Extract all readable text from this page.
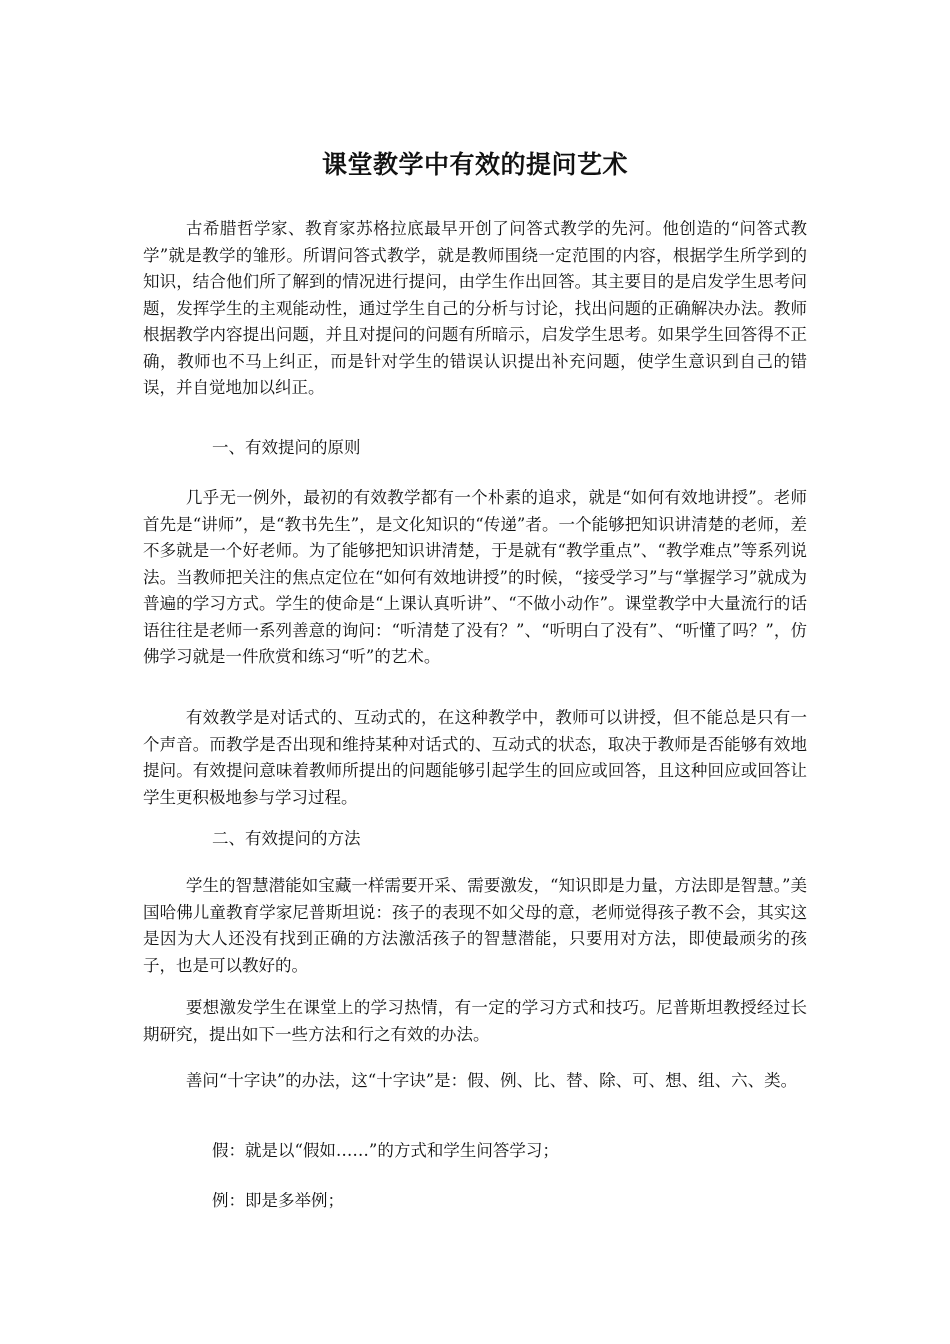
课堂教学中有效的提问艺术

古希腊哲学家、教育家苏格拉底最早开创了问答式教学的先河。他创造的“问答式教学”就是教学的雏形。所谓问答式教学，就是教师围绕一定范围的内容，根据学生所学到的知识，结合他们所了解到的情况进行提问，由学生作出回答。其主要目的是启发学生思考问题，发挥学生的主观能动性，通过学生自己的分析与讨论，找出问题的正确解决办法。教师根据教学内容提出问题，并且对提问的问题有所暗示，启发学生思考。如果学生回答得不正确，教师也不马上纠正，而是针对学生的错误认识提出补充问题，使学生意识到自己的错误，并自觉地加以纠正。

一、有效提问的原则

几乎无一例外，最初的有效教学都有一个朴素的追求，就是“如何有效地讲授”。老师首先是“讲师”，是“教书先生”，是文化知识的“传递”者。一个能够把知识讲清楚的老师，差不多就是一个好老师。为了能够把知识讲清楚，于是就有“教学重点”、“教学难点”等系列说法。当教师把关注的焦点定位在“如何有效地讲授”的时候，“接受学习”与“掌握学习”就成为普遍的学习方式。学生的使命是“上课认真听讲”、“不做小动作”。课堂教学中大量流行的话语往往是老师一系列善意的询问：“听清楚了没有？”、“听明白了没有”、“听懂了吗？”，仿佛学习就是一件欣赏和练习“听”的艺术。

有效教学是对话式的、互动式的，在这种教学中，教师可以讲授，但不能总是只有一个声音。而教学是否出现和维持某种对话式的、互动式的状态，取决于教师是否能够有效地提问。有效提问意味着教师所提出的问题能够引起学生的回应或回答，且这种回应或回答让学生更积极地参与学习过程。

二、有效提问的方法

学生的智慧潜能如宝藏一样需要开采、需要激发，“知识即是力量，方法即是智慧。”美国哈佛儿童教育学家尼普斯坦说：孩子的表现不如父母的意，老师觉得孩子教不会，其实这是因为大人还没有找到正确的方法激活孩子的智慧潜能，只要用对方法，即使最顽劣的孩子，也是可以教好的。

要想激发学生在课堂上的学习热情，有一定的学习方式和技巧。尼普斯坦教授经过长期研究，提出如下一些方法和行之有效的办法。

善问“十字诀”的办法，这“十字诀”是：假、例、比、替、除、可、想、组、六、类。

假：就是以“假如……”的方式和学生问答学习；

例：即是多举例；
